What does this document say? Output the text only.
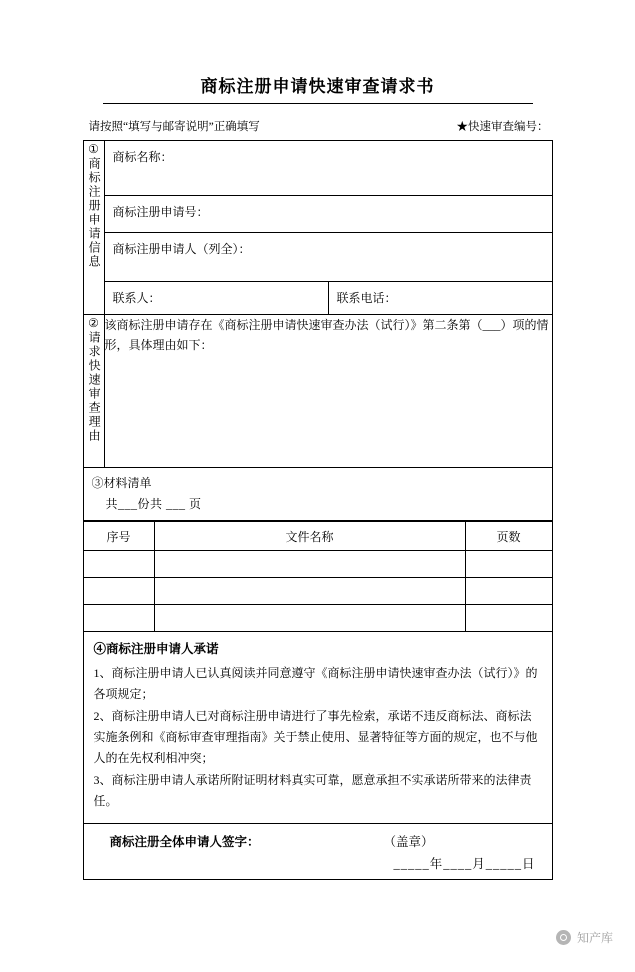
商标注册申请快速审查请求书
请按照“填写与邮寄说明”正确填写	★快速审查编号：
①
商标注册申请信息	商标名称：	

	商标注册申请号：	

	商标注册申请人（列全）：	

	联系人：	联系电话：

②
请求快速审查理由	该商标注册申请存在《商标注册申请快速审查办法（试行）》第二条第（___）项的情形，具体理由如下：	

③材料清单
共___份共 ___ 页
序号	文件名称	页数

④商标注册申请人承诺
1、商标注册申请人已认真阅读并同意遵守《商标注册申请快速审查办法（试行）》的各项规定；
2、商标注册申请人已对商标注册申请进行了事先检索，承诺不违反商标法、商标法实施条例和《商标审查审理指南》关于禁止使用、显著特征等方面的规定，也不与他人的在先权利相冲突；
3、商标注册申请人承诺所附证明材料真实可靠，愿意承担不实承诺所带来的法律责任。
商标注册全体申请人签字：	（盖章）
_____年____月_____日
知产库
